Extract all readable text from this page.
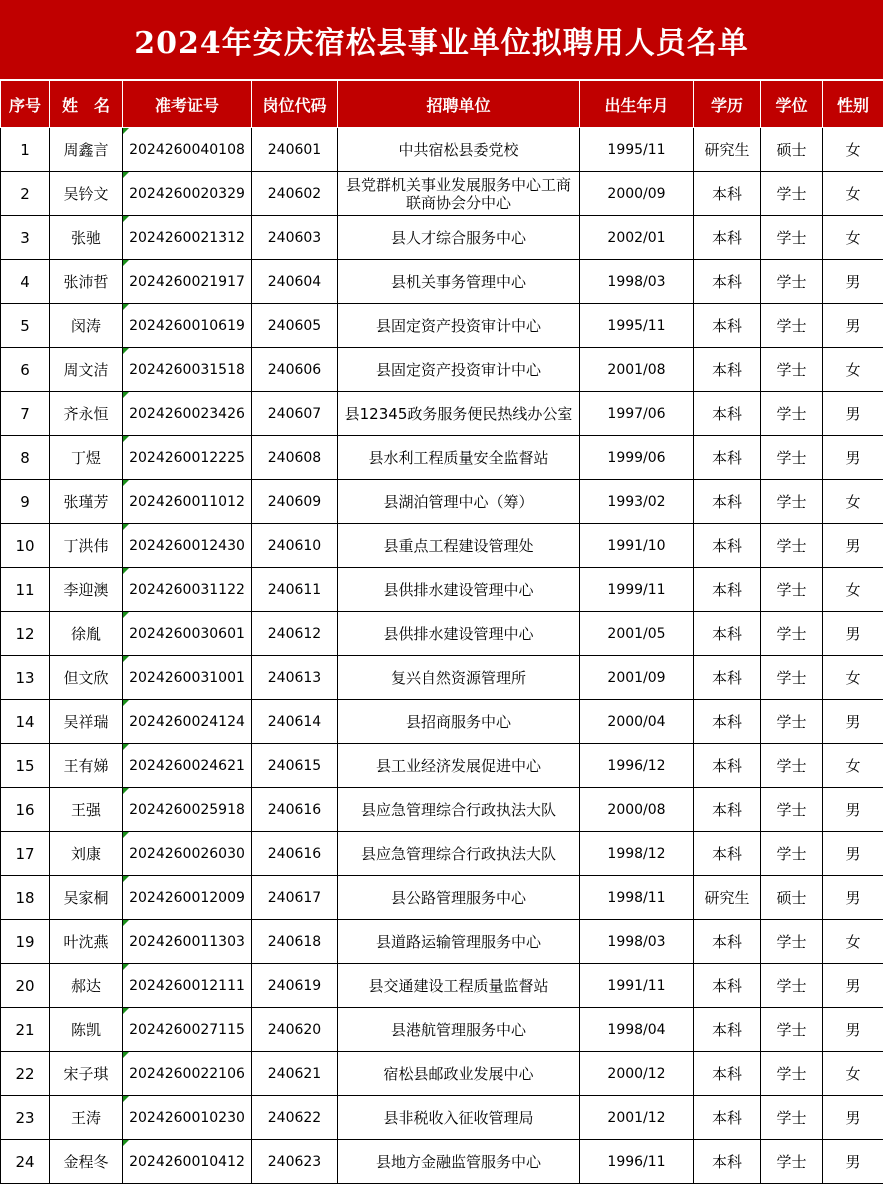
2024年安庆宿松县事业单位拟聘用人员名单
序号	姓　名	准考证号	岗位代码	招聘单位	出生年月	学历	学位	性别
1	周鑫言	2024260040108	240601	中共宿松县委党校	1995/11	研究生	硕士	女
2	吴钤文	2024260020329	240602	县党群机关事业发展服务中心工商联商协会分中心	2000/09	本科	学士	女
3	张驰	2024260021312	240603	县人才综合服务中心	2002/01	本科	学士	女
4	张沛哲	2024260021917	240604	县机关事务管理中心	1998/03	本科	学士	男
5	闵涛	2024260010619	240605	县固定资产投资审计中心	1995/11	本科	学士	男
6	周文洁	2024260031518	240606	县固定资产投资审计中心	2001/08	本科	学士	女
7	齐永恒	2024260023426	240607	县12345政务服务便民热线办公室	1997/06	本科	学士	男
8	丁煜	2024260012225	240608	县水利工程质量安全监督站	1999/06	本科	学士	男
9	张瑾芳	2024260011012	240609	县湖泊管理中心（筹）	1993/02	本科	学士	女
10	丁洪伟	2024260012430	240610	县重点工程建设管理处	1991/10	本科	学士	男
11	李迎澳	2024260031122	240611	县供排水建设管理中心	1999/11	本科	学士	女
12	徐胤	2024260030601	240612	县供排水建设管理中心	2001/05	本科	学士	男
13	但文欣	2024260031001	240613	复兴自然资源管理所	2001/09	本科	学士	女
14	吴祥瑞	2024260024124	240614	县招商服务中心	2000/04	本科	学士	男
15	王有娣	2024260024621	240615	县工业经济发展促进中心	1996/12	本科	学士	女
16	王强	2024260025918	240616	县应急管理综合行政执法大队	2000/08	本科	学士	男
17	刘康	2024260026030	240616	县应急管理综合行政执法大队	1998/12	本科	学士	男
18	吴家桐	2024260012009	240617	县公路管理服务中心	1998/11	研究生	硕士	男
19	叶沈燕	2024260011303	240618	县道路运输管理服务中心	1998/03	本科	学士	女
20	郝达	2024260012111	240619	县交通建设工程质量监督站	1991/11	本科	学士	男
21	陈凯	2024260027115	240620	县港航管理服务中心	1998/04	本科	学士	男
22	宋子琪	2024260022106	240621	宿松县邮政业发展中心	2000/12	本科	学士	女
23	王涛	2024260010230	240622	县非税收入征收管理局	2001/12	本科	学士	男
24	金程冬	2024260010412	240623	县地方金融监管服务中心	1996/11	本科	学士	男
